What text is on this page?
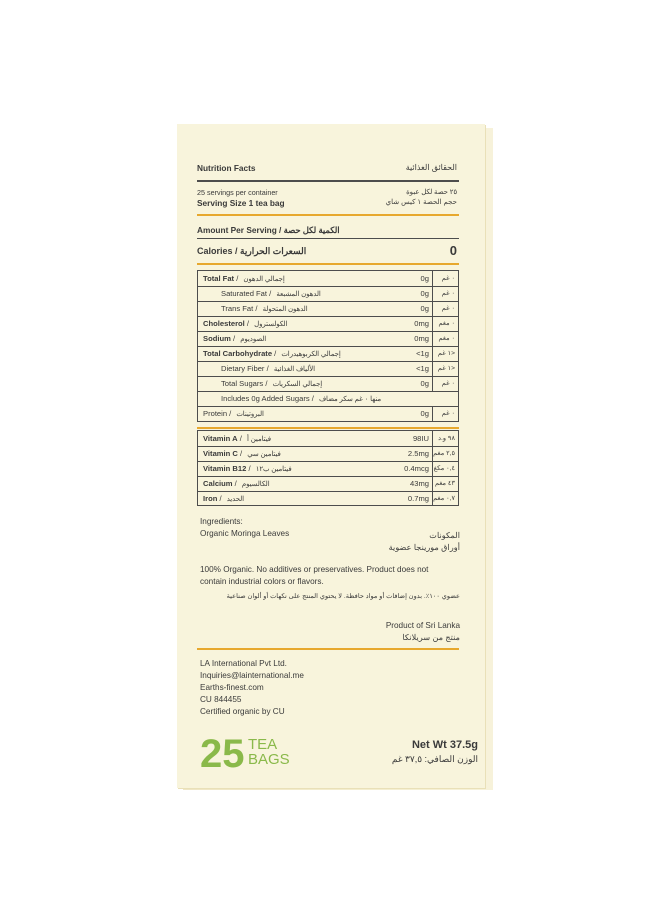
Nutrition Facts	الحقائق الغذائية
25 servings per container	٢٥ حصة لكل عبوة
Serving Size 1 tea bag	حجم الحصة ١ كيس شاي
Amount Per Serving / الكمية لكل حصة
Calories / السعرات الحرارية	0
Total Fat / إجمالي الدهون	0g ٠ غم
Saturated Fat / الدهون المشبعة	0g ٠ غم
Trans Fat / الدهون المتحولة	0g ٠ غم
Cholesterol / الكولسترول	0mg ٠ مغم
Sodium / الصوديوم	0mg ٠ مغم
Total Carbohydrate / إجمالي الكربوهيدرات	<1g <١ غم
Dietary Fiber / الألياف الغذائية	<1g <١ غم
Total Sugars / إجمالي السكريات	0g ٠ غم
Includes 0g Added Sugars / منها ٠ غم سكر مضاف
Protein / البروتينات	0g ٠ غم
Vitamin A / فيتامين أ	98IU ٩٨ و.د
Vitamin C / فيتامين سي	2.5mg ٢,٥ مغم
Vitamin B12 / فيتامين ب١٢	0.4mcg ٠,٤ مكغ
Calcium / الكالسيوم	43mg ٤٣ مغم
Iron / الحديد	0.7mg ٠,٧ مغم
Ingredients:
Organic Moringa Leaves	المكونات
أوراق مورينجا عضوية
100% Organic. No additives or preservatives. Product does not
contain industrial colors or flavors.
عضوي ١٠٠٪. بدون إضافات أو مواد حافظة. لا يحتوي المنتج على نكهات أو ألوان صناعية
Product of Sri Lanka
منتج من سريلانكا
LA International Pvt Ltd.
Inquiries@lainternational.me
Earths-finest.com
CU 844455
Certified organic by CU
25 TEA
BAGS
Net Wt 37.5g
الوزن الصافي: ٣٧,٥ غم
